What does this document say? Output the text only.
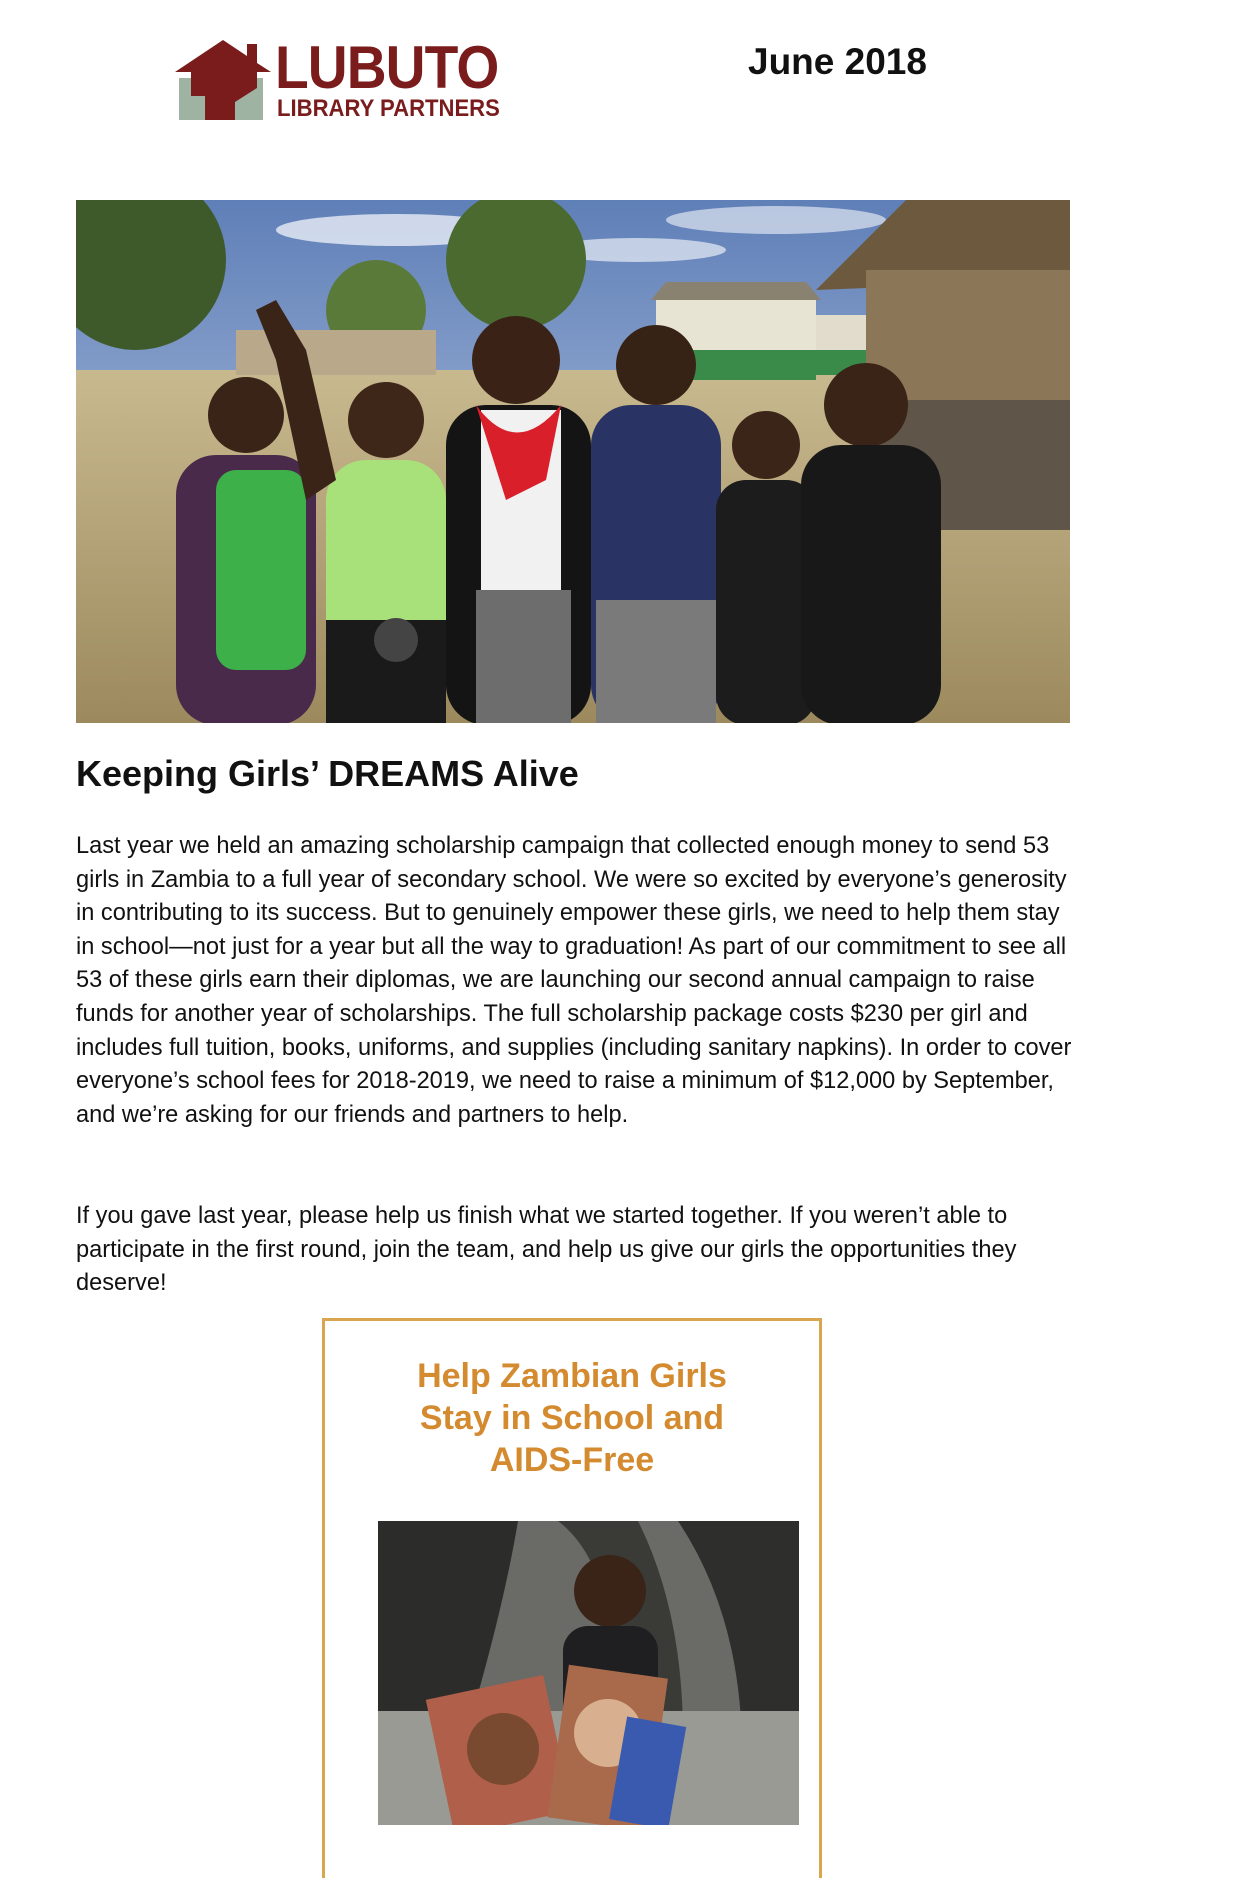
LUBUTO
LIBRARY PARTNERS
June 2018
Keeping Girls’ DREAMS Alive

Last year we held an amazing scholarship campaign that collected enough money to send 53 girls in Zambia to a full year of secondary school. We were so excited by everyone’s generosity in contributing to its success. But to genuinely empower these girls, we need to help them stay in school—not just for a year but all the way to graduation! As part of our commitment to see all 53 of these girls earn their diplomas, we are launching our second annual campaign to raise funds for another year of scholarships. The full scholarship package costs $230 per girl and includes full tuition, books, uniforms, and supplies (including sanitary napkins). In order to cover everyone’s school fees for 2018-2019, we need to raise a minimum of $12,000 by September, and we’re asking for our friends and partners to help.

If you gave last year, please help us finish what we started together. If you weren’t able to participate in the first round, join the team, and help us give our girls the opportunities they deserve!

Help Zambian Girls
Stay in School and
AIDS-Free
